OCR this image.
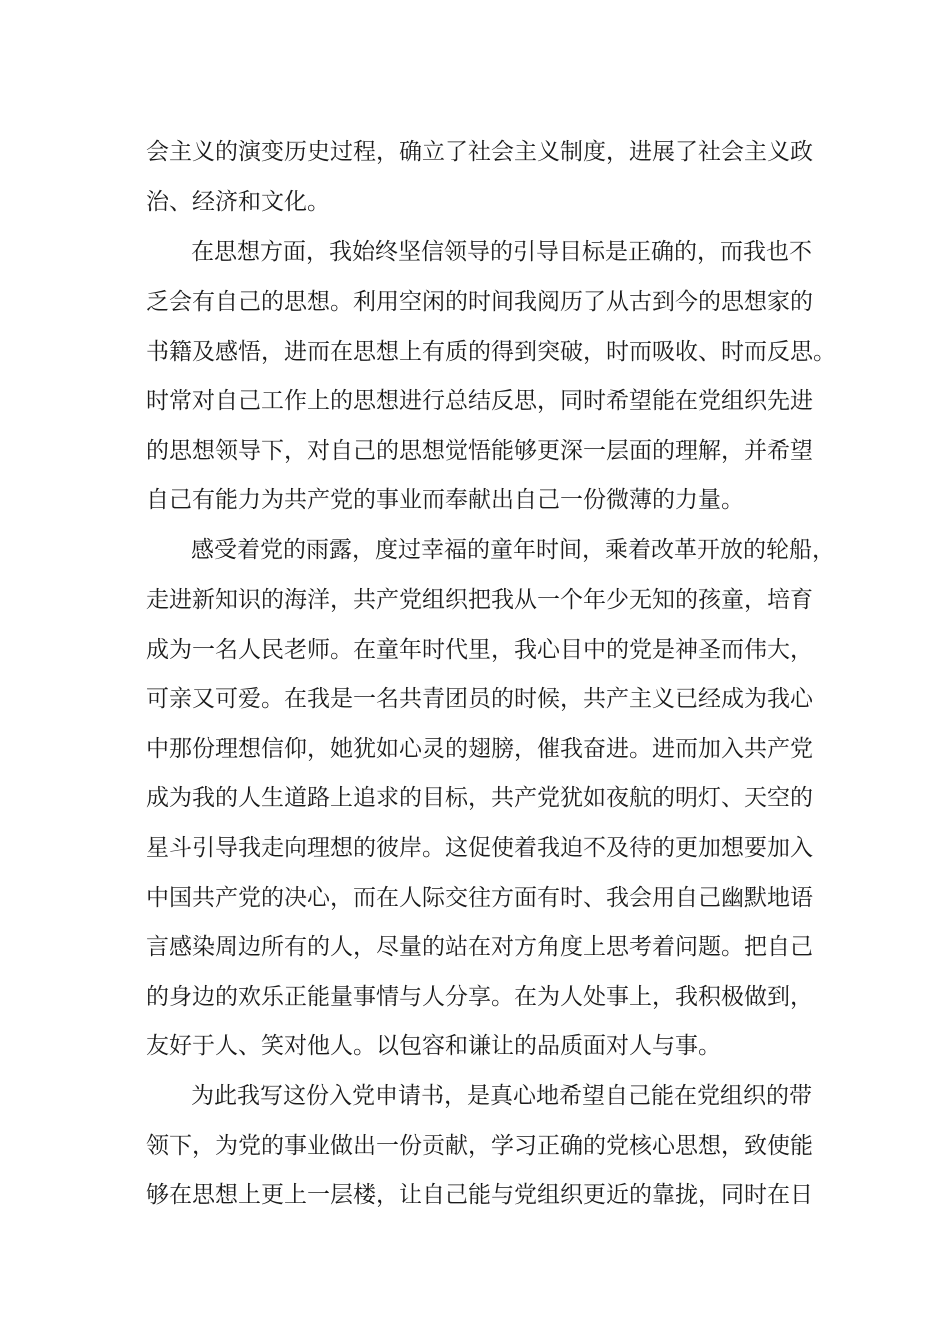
会主义的演变历史过程，确立了社会主义制度，进展了社会主义政
治、经济和文化。
在思想方面，我始终坚信领导的引导目标是正确的，而我也不
乏会有自己的思想。利用空闲的时间我阅历了从古到今的思想家的
书籍及感悟，进而在思想上有质的得到突破，时而吸收、时而反思。
时常对自己工作上的思想进行总结反思，同时希望能在党组织先进
的思想领导下，对自己的思想觉悟能够更深一层面的理解，并希望
自己有能力为共产党的事业而奉献出自己一份微薄的力量。
感受着党的雨露，度过幸福的童年时间，乘着改革开放的轮船，
走进新知识的海洋，共产党组织把我从一个年少无知的孩童，培育
成为一名人民老师。在童年时代里，我心目中的党是神圣而伟大，
可亲又可爱。在我是一名共青团员的时候，共产主义已经成为我心
中那份理想信仰，她犹如心灵的翅膀，催我奋进。进而加入共产党
成为我的人生道路上追求的目标，共产党犹如夜航的明灯、天空的
星斗引导我走向理想的彼岸。这促使着我迫不及待的更加想要加入
中国共产党的决心，而在人际交往方面有时、我会用自己幽默地语
言感染周边所有的人，尽量的站在对方角度上思考着问题。把自己
的身边的欢乐正能量事情与人分享。在为人处事上，我积极做到，
友好于人、笑对他人。以包容和谦让的品质面对人与事。
为此我写这份入党申请书，是真心地希望自己能在党组织的带
领下，为党的事业做出一份贡献，学习正确的党核心思想，致使能
够在思想上更上一层楼，让自己能与党组织更近的靠拢，同时在日
